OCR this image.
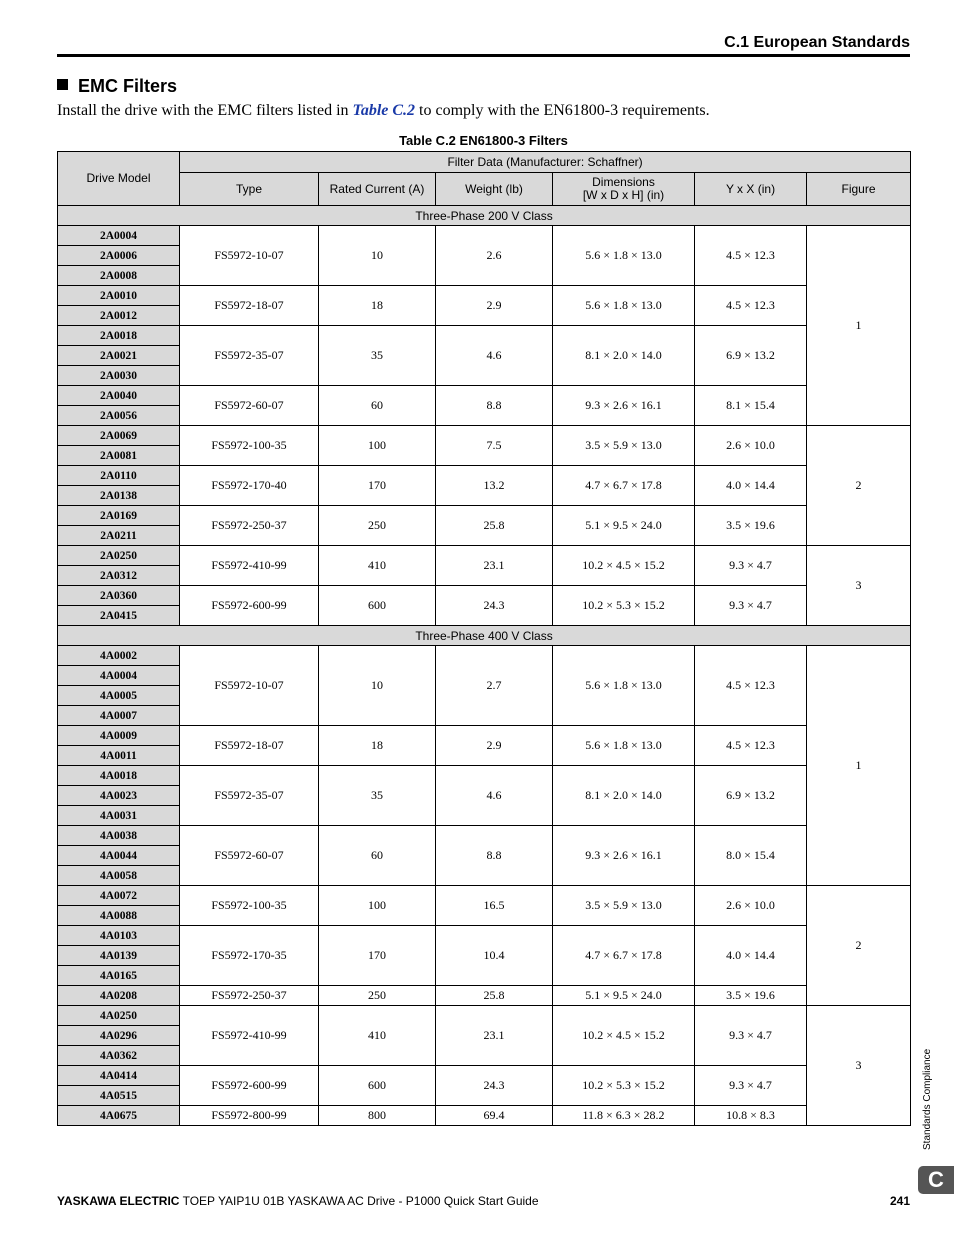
C.1 European Standards
EMC Filters
Install the drive with the EMC filters listed in Table C.2 to comply with the EN61800-3 requirements.
Table C.2 EN61800-3 Filters
Drive Model	Filter Data (Manufacturer: Schaffner)					
	Type	Rated Current (A)	Weight (lb)	Dimensions
[W x D x H] (in)	Y x X (in)	Figure
Three-Phase 200 V Class						
2A0004	FS5972-10-07	10	2.6	5.6 × 1.8 × 13.0	4.5 × 12.3	1
2A0006						
2A0008						
2A0010	FS5972-18-07	18	2.9	5.6 × 1.8 × 13.0	4.5 × 12.3	
2A0012						
2A0018	FS5972-35-07	35	4.6	8.1 × 2.0 × 14.0	6.9 × 13.2	
2A0021						
2A0030						
2A0040	FS5972-60-07	60	8.8	9.3 × 2.6 × 16.1	8.1 × 15.4	
2A0056						
2A0069	FS5972-100-35	100	7.5	3.5 × 5.9 × 13.0	2.6 × 10.0	2
2A0081						
2A0110	FS5972-170-40	170	13.2	4.7 × 6.7 × 17.8	4.0 × 14.4	
2A0138						
2A0169	FS5972-250-37	250	25.8	5.1 × 9.5 × 24.0	3.5 × 19.6	
2A0211						
2A0250	FS5972-410-99	410	23.1	10.2 × 4.5 × 15.2	9.3 × 4.7	3
2A0312						
2A0360	FS5972-600-99	600	24.3	10.2 × 5.3 × 15.2	9.3 × 4.7	
2A0415						
Three-Phase 400 V Class						
4A0002	FS5972-10-07	10	2.7	5.6 × 1.8 × 13.0	4.5 × 12.3	1
4A0004						
4A0005						
4A0007						
4A0009	FS5972-18-07	18	2.9	5.6 × 1.8 × 13.0	4.5 × 12.3	
4A0011						
4A0018	FS5972-35-07	35	4.6	8.1 × 2.0 × 14.0	6.9 × 13.2	
4A0023						
4A0031						
4A0038	FS5972-60-07	60	8.8	9.3 × 2.6 × 16.1	8.0 × 15.4	
4A0044						
4A0058						
4A0072	FS5972-100-35	100	16.5	3.5 × 5.9 × 13.0	2.6 × 10.0	2
4A0088						
4A0103	FS5972-170-35	170	10.4	4.7 × 6.7 × 17.8	4.0 × 14.4	
4A0139						
4A0165						
4A0208	FS5972-250-37	250	25.8	5.1 × 9.5 × 24.0	3.5 × 19.6	
4A0250	FS5972-410-99	410	23.1	10.2 × 4.5 × 15.2	9.3 × 4.7	3
4A0296						
4A0362						
4A0414	FS5972-600-99	600	24.3	10.2 × 5.3 × 15.2	9.3 × 4.7	
4A0515						
4A0675	FS5972-800-99	800	69.4	11.8 × 6.3 × 28.2	10.8 × 8.3	
YASKAWA ELECTRIC TOEP YAIP1U 01B YASKAWA AC Drive - P1000 Quick Start Guide	241
Standards Compliance
C
